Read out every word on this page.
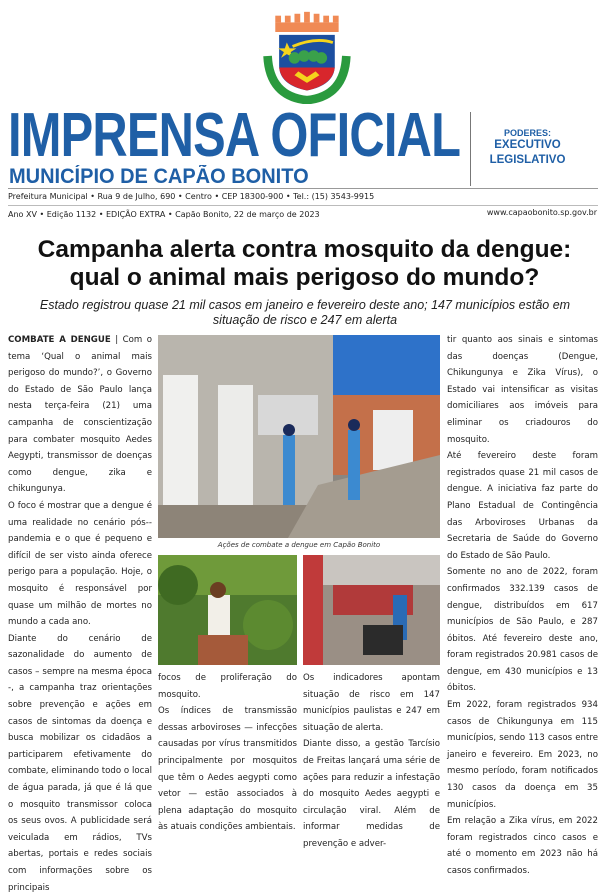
IMPRENSA OFICIAL
MUNICÍPIO DE CAPÃO BONITO
PODERES:
EXECUTIVO
LEGISLATIVO
Prefeitura Municipal • Rua 9 de Julho, 690 • Centro • CEP 18300-900 • Tel.: (15) 3543-9915
Ano XV • Edição 1132 • EDIÇÃO EXTRA • Capão Bonito, 22 de março de 2023	www.capaobonito.sp.gov.br
Campanha alerta contra mosquito da dengue:
qual o animal mais perigoso do mundo?
Estado registrou quase 21 mil casos em janeiro e fevereiro deste ano; 147 municípios estão em situação de risco e 247 em alerta

COMBATE A DENGUE | Com o tema ‘Qual o animal mais perigoso do mundo?’, o Governo do Estado de São Paulo lança nesta terça-feira (21) uma campanha de conscientização para combater mosquito Aedes Aegypti, transmissor de doenças como dengue, zika e chikungunya.

O foco é mostrar que a dengue é uma realidade no cenário pós--pandemia e o que é pequeno e difícil de ser visto ainda oferece perigo para a população. Hoje, o mosquito é responsável por quase um milhão de mortes no mundo a cada ano.

Diante do cenário de sazonalidade do aumento de casos – sempre na mesma época -, a campanha traz orientações sobre prevenção e ações em casos de sintomas da doença e busca mobilizar os cidadãos a participarem efetivamente do combate, eliminando todo o local de água parada, já que é lá que o mosquito transmissor coloca os seus ovos. A publicidade será veiculada em rádios, TVs abertas, portais e redes sociais com informações sobre os principais

Ações de combate a dengue em Capão Bonito

focos de proliferação do mosquito.

Os índices de transmissão dessas arboviroses — infecções causadas por vírus transmitidos principalmente por mosquitos que têm o Aedes aegypti como vetor — estão associados à plena adaptação do mosquito às atuais condições ambientais.

Os indicadores apontam situação de risco em 147 municípios paulistas e 247 em situação de alerta.

Diante disso, a gestão Tarcísio de Freitas lançará uma série de ações para reduzir a infestação do mosquito Aedes aegypti e circulação viral. Além de informar medidas de prevenção e adver-

tir quanto aos sinais e sintomas das doenças (Dengue, Chikungunya e Zika Vírus), o Estado vai intensificar as visitas domiciliares aos imóveis para eliminar os criadouros do mosquito.

Até fevereiro deste foram registrados quase 21 mil casos de dengue. A iniciativa faz parte do Plano Estadual de Contingência das Arboviroses Urbanas da Secretaria de Saúde do Governo do Estado de São Paulo.

Somente no ano de 2022, foram confirmados 332.139 casos de dengue, distribuídos em 617 municípios de São Paulo, e 287 óbitos. Até fevereiro deste ano, foram registrados 20.981 casos de dengue, em 430 municípios e 13 óbitos.

Em 2022, foram registrados 934 casos de Chikungunya em 115 municípios, sendo 113 casos entre janeiro e fevereiro. Em 2023, no mesmo período, foram notificados 130 casos da doença em 35 municípios.

Em relação a Zika vírus, em 2022 foram registrados cinco casos e até o momento em 2023 não há casos confirmados.
